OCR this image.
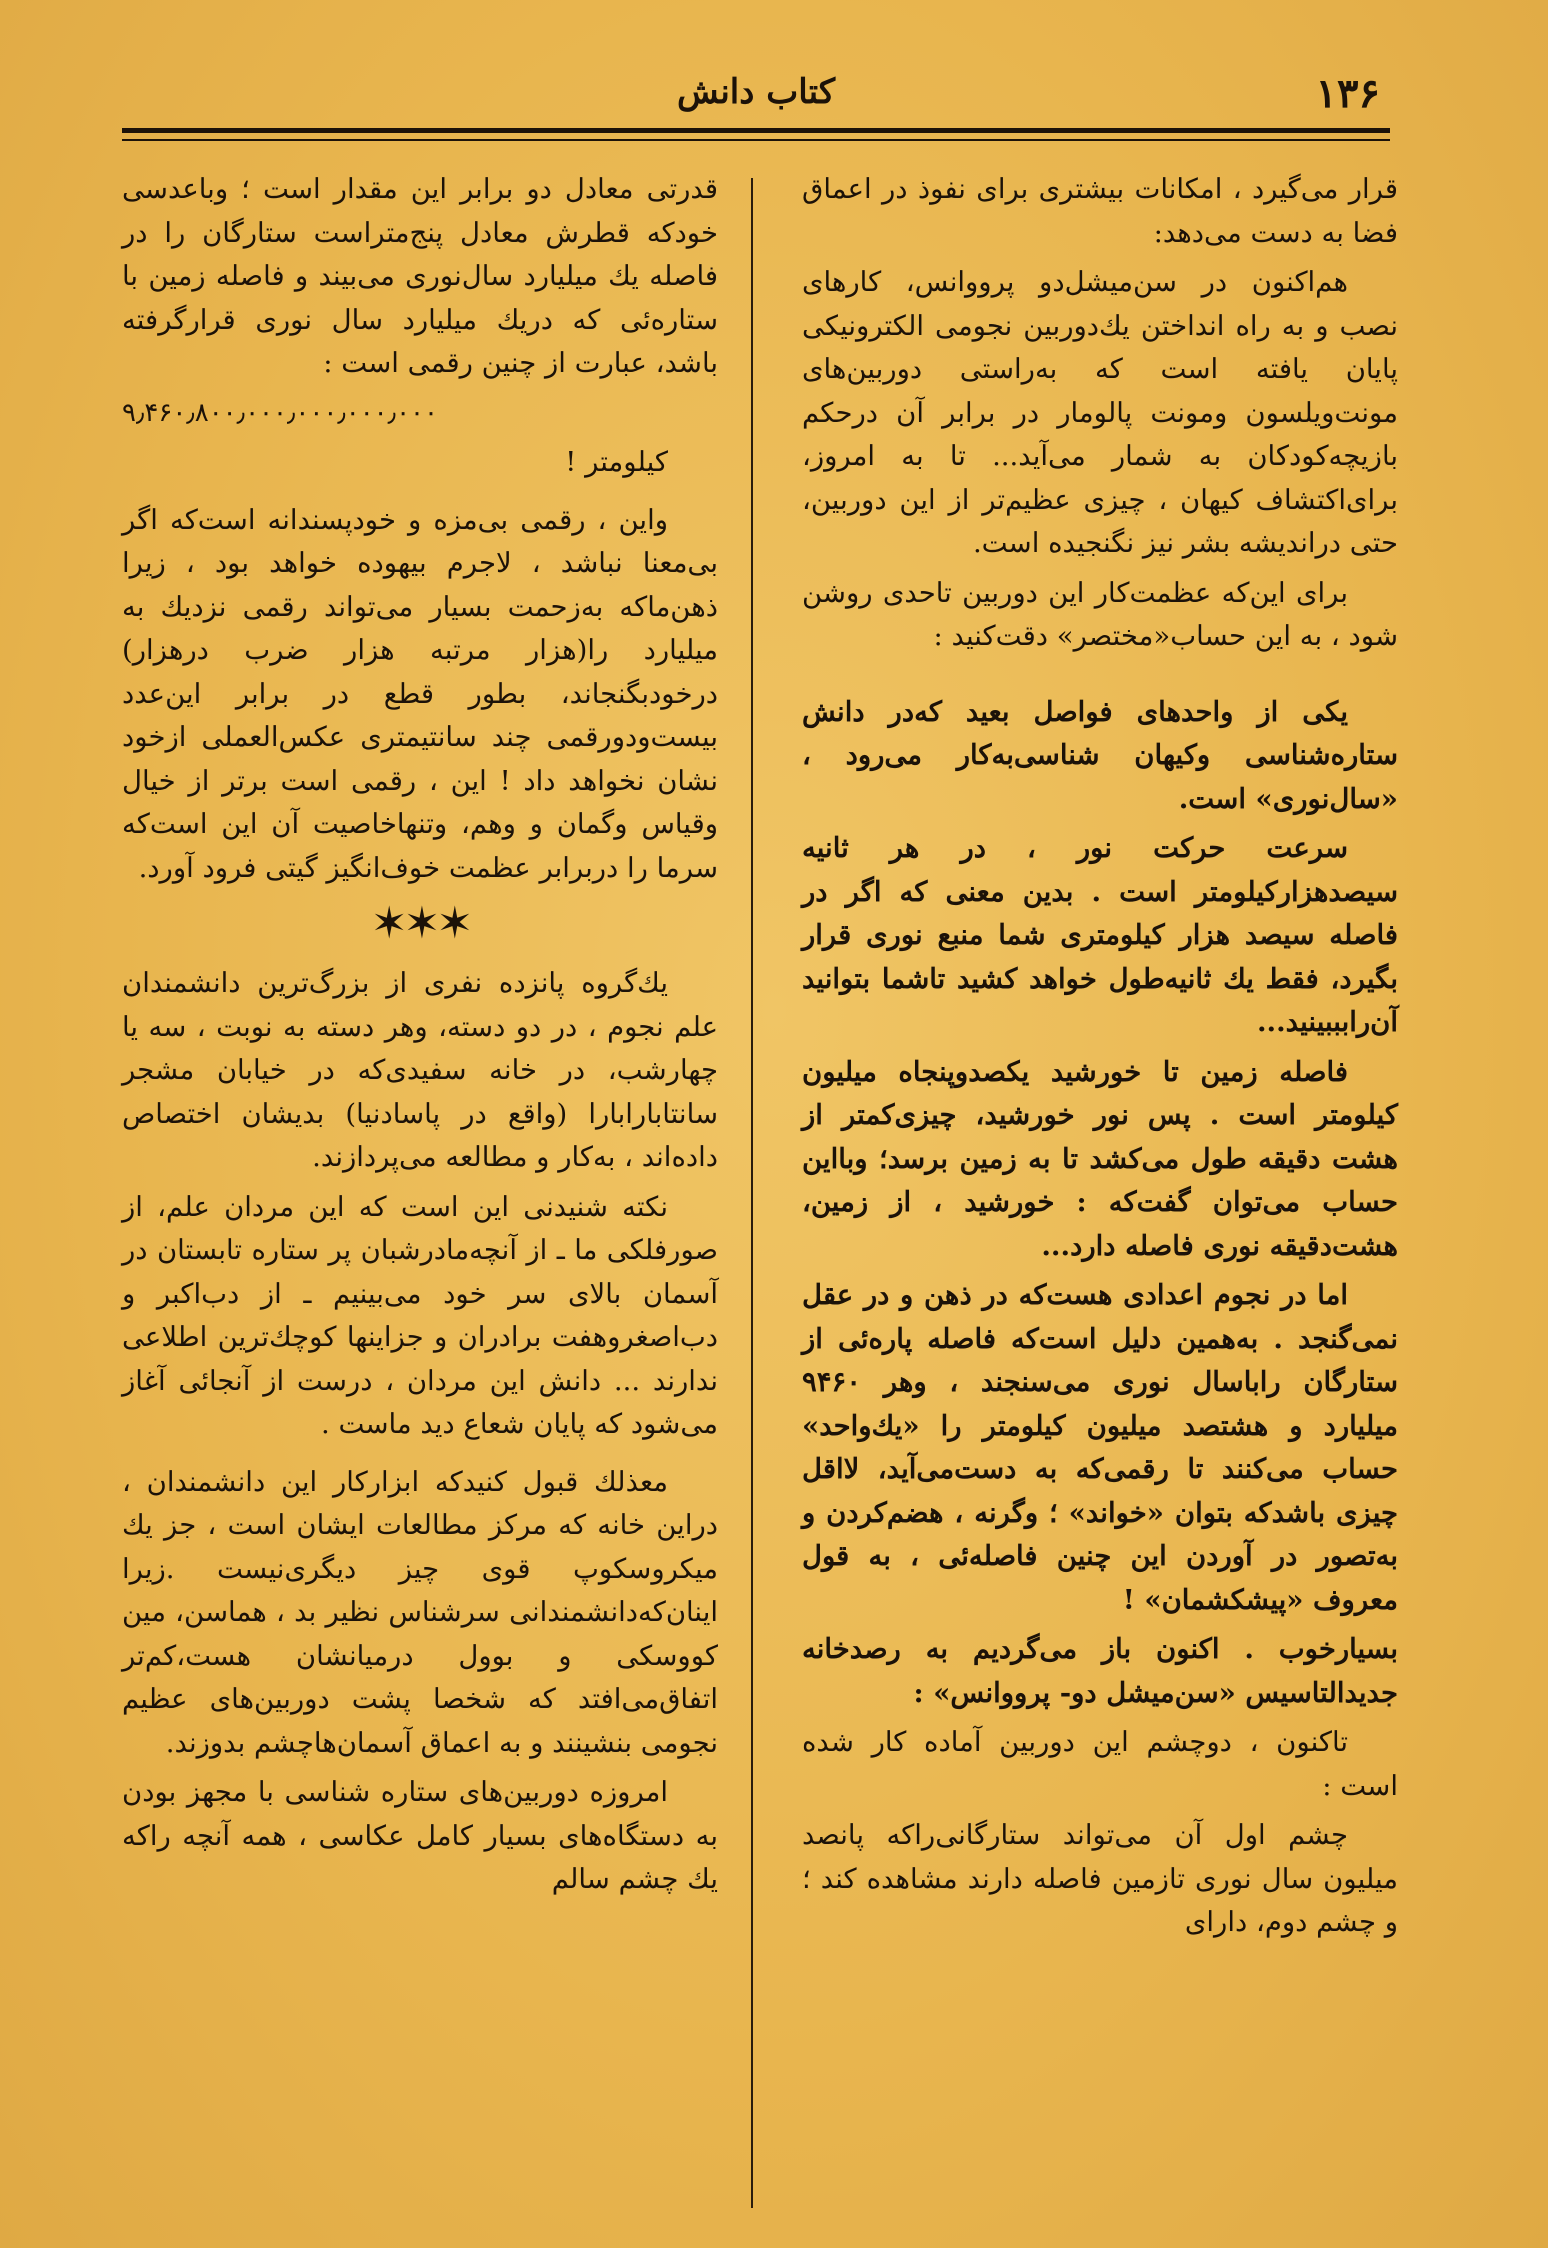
۱۳۶
کتاب دانش

قرار می‌گیرد ، امکانات بیشتری برای نفوذ در اعماق فضا به دست می‌دهد:

هم‌اکنون در سن‌میشل‌دو پرووانس، کارهای نصب و به راه انداختن یك‌دوربین نجومی الکترونیکی پایان یافته است که به‌راستی دوربین‌های مونت‌ویلسون ومونت پالومار در برابر آن درحکم بازیچه‌کودکان به شمار می‌آید... تا به امروز، برای‌اکتشاف کیهان ، چیزی عظیم‌تر از این دوربین، حتی دراندیشه بشر نیز نگنجیده است.

برای این‌که عظمت‌کار این دوربین تاحدی روشن شود ، به این حساب«مختصر» دقت‌کنید :

یکی از واحدهای فواصل بعید که‌در دانش ستاره‌شناسی وکیهان شناسی‌به‌کار می‌رود ، «سال‌نوری» است.

سرعت حرکت نور ، در هر ثانیه سیصدهزارکیلومتر است . بدین معنی که اگر در فاصله سیصد هزار کیلومتری شما منبع نوری قرار بگیرد، فقط یك ثانیه‌طول خواهد کشید تاشما بتوانید آن‌رابببینید...

فاصله زمین تا خورشید یکصدوپنجاه میلیون کیلومتر است . پس نور خورشید، چیزی‌کمتر از هشت دقیقه طول می‌کشد تا به زمین برسد؛ وبااین حساب می‌توان گفت‌که : خورشید ، از زمین، هشت‌دقیقه نوری فاصله دارد...

اما در نجوم اعدادی هست‌که در ذهن و در عقل نمی‌گنجد . به‌همین دلیل است‌که فاصله پاره‌ئی از ستارگان رابا‌سال نوری می‌سنجند ، وهر ۹۴۶۰ میلیارد و هشتصد میلیون کیلومتر را «یك‌واحد» حساب می‌کنند تا رقمی‌که به دست‌می‌آید، لااقل چیزی باشدکه بتوان «خواند» ؛ وگرنه ، هضم‌کردن و به‌تصور در آوردن این چنین فاصله‌ئی ، به قول معروف «پیشکشمان» !

بسیارخوب . اکنون باز می‌گردیم به رصدخانه جدیدالتاسیس «سن‌میشل دو- پرووانس» :

تاکنون ، دوچشم این دوربین آماده کار شده است :

چشم اول آن می‌تواند ستارگانی‌راکه پانصد میلیون سال نوری تازمین فاصله دارند مشاهده کند ؛ و چشم دوم، دارای

قدرتی معادل دو برابر این مقدار است ؛ وباعدسی خودکه قطرش معادل پنج‌متراست ستارگان را در فاصله یك میلیارد سال‌نوری می‌بیند و فاصله زمین با ستاره‌ئی که دریك میلیارد سال نوری قرارگرفته باشد، عبارت از چنین رقمی است :

۹٫۴۶۰٫۸۰۰٫۰۰۰٫۰۰۰٫۰۰۰٫۰۰۰

کیلومتر !

واین ، رقمی بی‌مزه و خودپسندانه است‌که اگر بی‌معنا نباشد ، لاجرم بیهوده خواهد بود ، زیرا ذهن‌ماکه به‌زحمت بسیار می‌تواند رقمی نزدیك به میلیارد را(هزار مرتبه هزار ضرب درهزار) درخودبگنجاند، بطور قطع در برابر این‌عدد بیست‌ودورقمی چند سانتیمتری عکس‌العملی ازخود نشان نخواهد داد ! این ، رقمی است برتر از خیال وقیاس وگمان و وهم، وتنهاخاصیت آن این است‌که سرما را دربرابر عظمت خوف‌انگیز گیتی فرود آورد.

✶✶✶

یك‌گروه پانزده نفری از بزرگ‌ترین دانشمندان علم نجوم ، در دو دسته، وهر دسته به نوبت ، سه یا چهارشب، در خانه سفیدی‌که در خیابان مشجر سانتابارابارا (واقع در پاسادنیا) بدیشان اختصاص داده‌اند ، به‌کار و مطالعه می‌پردازند.

نکته شنیدنی این است که این مردان علم، از صورفلکی ما ـ از آنچه‌مادرشبان پر ستاره تابستان در آسمان بالای سر خود می‌بینیم ـ از دب‌اکبر و دب‌اصغروهفت برادران و جزاینها کوچك‌ترین اطلاعی ندارند ... دانش این مردان ، درست از آنجائی آغاز می‌شود که پایان شعاع دید ماست .

معذلك قبول کنیدکه ابزارکار این دانشمندان ، دراین خانه که مرکز مطالعات ایشان است ، جز یك میکروسکوپ قوی چیز دیگری‌نیست .زیرا اینان‌که‌دانشمندانی سرشناس نظیر بد ، هماسن، مین کووسکی و بوول درمیانشان هست،کم‌تر اتفاق‌می‌افتد که شخصا پشت دوربین‌های عظیم نجومی بنشینند و به اعماق آسمان‌هاچشم بدوزند.

امروزه دوربین‌های ستاره شناسی با مجهز بودن به دستگاه‌های بسیار کامل عکاسی ، همه آنچه راکه یك چشم سالم
